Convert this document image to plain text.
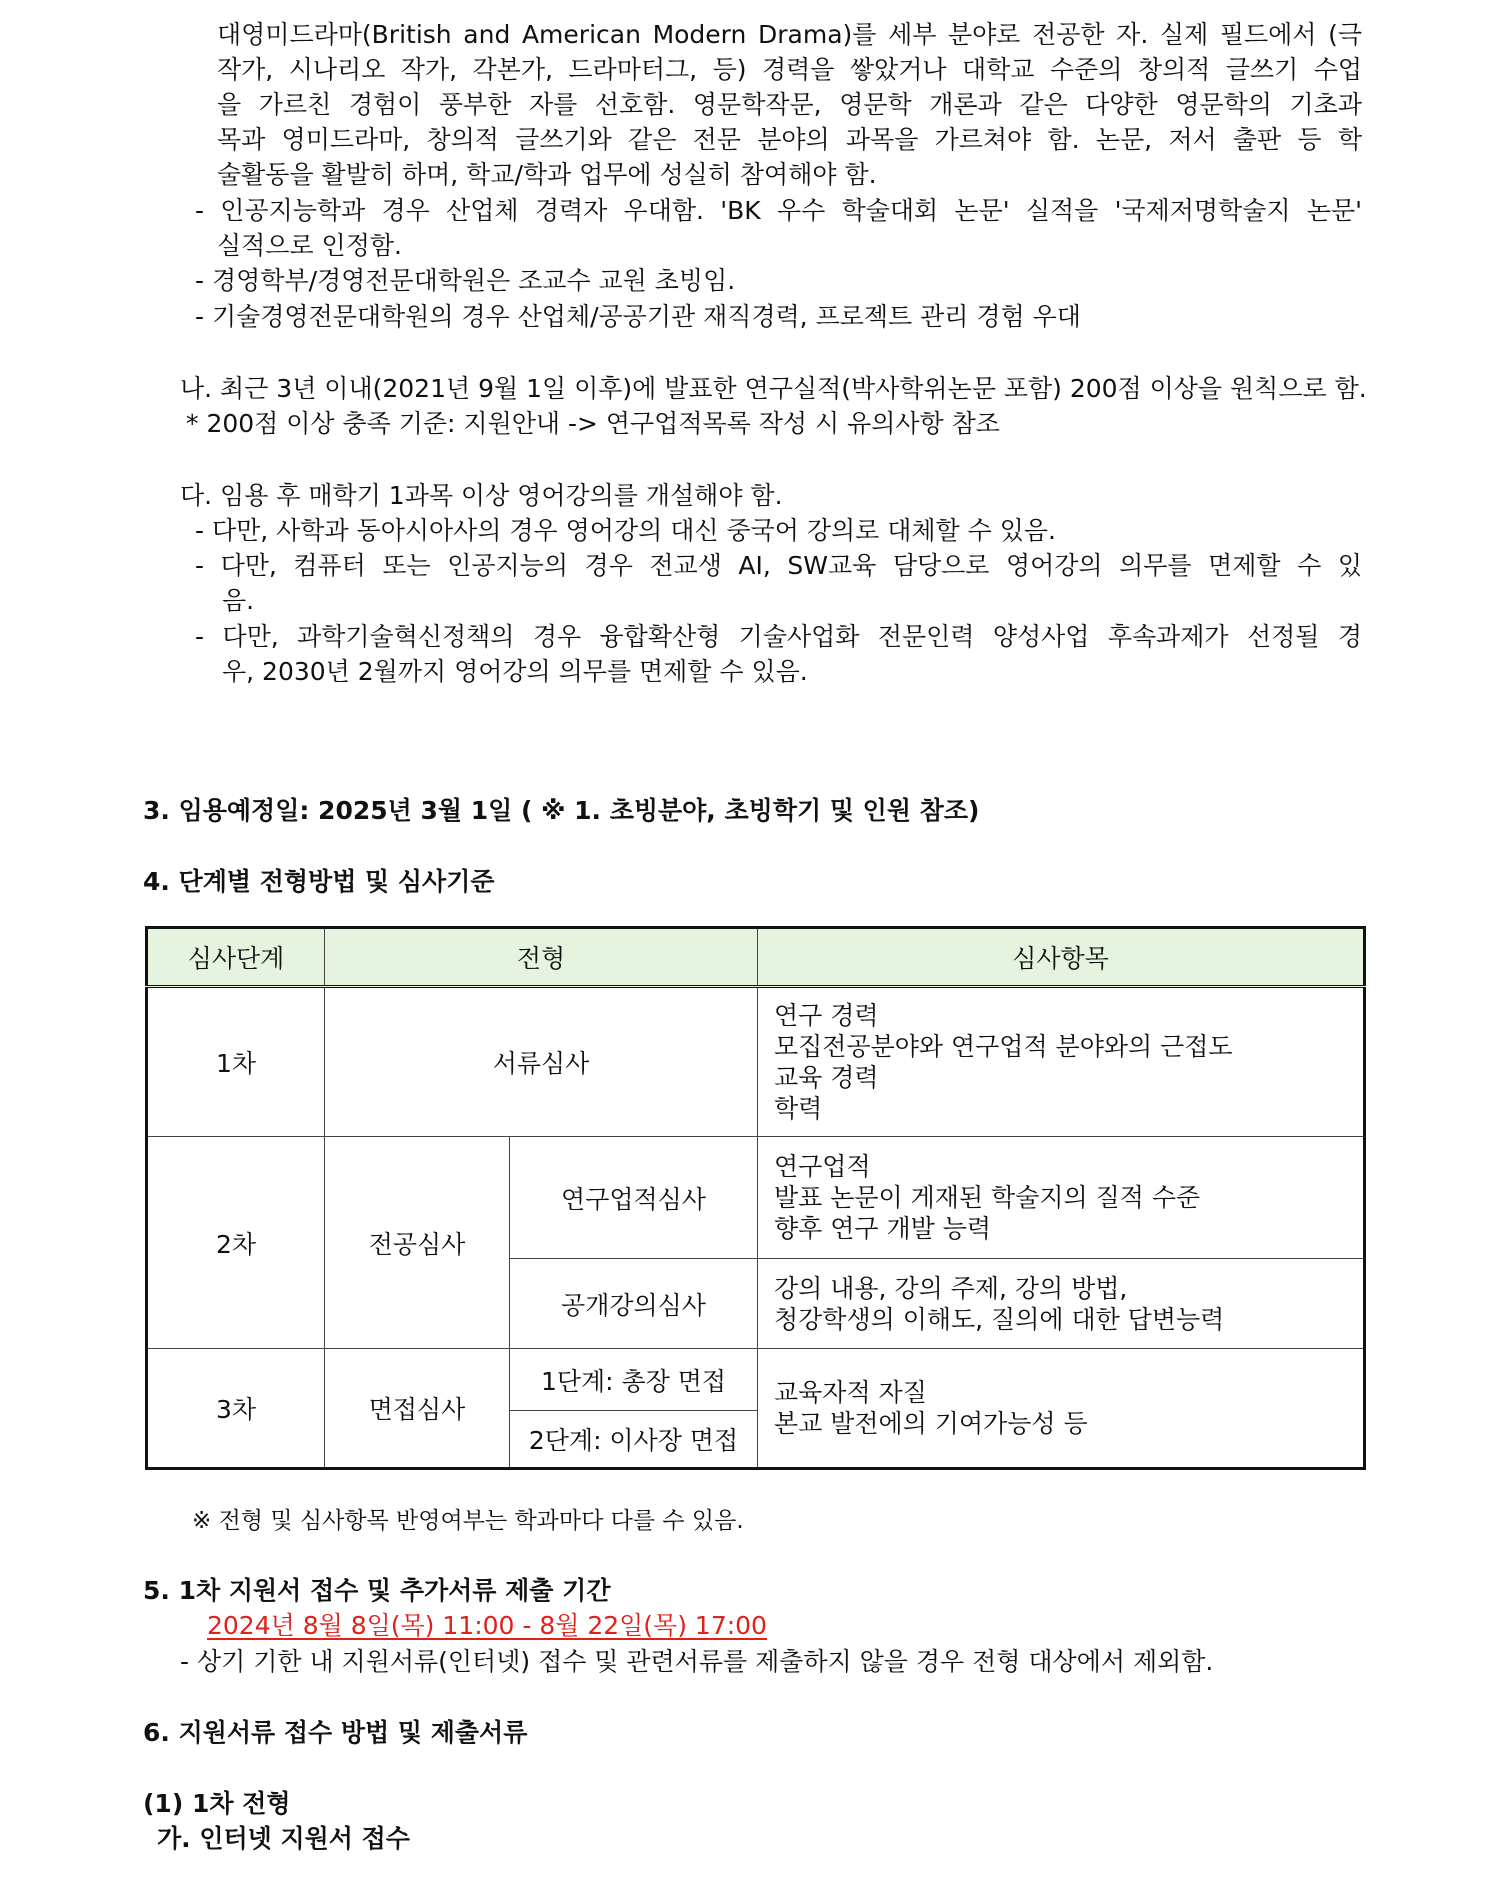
대영미드라마(British and American Modern Drama)를 세부 분야로 전공한 자. 실제 필드에서 (극
작가, 시나리오 작가, 각본가, 드라마터그, 등) 경력을 쌓았거나 대학교 수준의 창의적 글쓰기 수업
을 가르친 경험이 풍부한 자를 선호함. 영문학작문, 영문학 개론과 같은 다양한 영문학의 기초과
목과 영미드라마, 창의적 글쓰기와 같은 전문 분야의 과목을 가르쳐야 함. 논문, 저서 출판 등 학
술활동을 활발히 하며, 학교/학과 업무에 성실히 참여해야 함.
- 인공지능학과 경우 산업체 경력자 우대함. 'BK 우수 학술대회 논문' 실적을 '국제저명학술지 논문'
실적으로 인정함.
- 경영학부/경영전문대학원은 조교수 교원 초빙임.
- 기술경영전문대학원의 경우 산업체/공공기관 재직경력, 프로젝트 관리 경험 우대
나. 최근 3년 이내(2021년 9월 1일 이후)에 발표한 연구실적(박사학위논문 포함) 200점 이상을 원칙으로 함.
* 200점 이상 충족 기준: 지원안내 -> 연구업적목록 작성 시 유의사항 참조
다. 임용 후 매학기 1과목 이상 영어강의를 개설해야 함.
- 다만, 사학과 동아시아사의 경우 영어강의 대신 중국어 강의로 대체할 수 있음.
- 다만, 컴퓨터 또는 인공지능의 경우 전교생 AI, SW교육 담당으로 영어강의 의무를 면제할 수 있
음.
- 다만, 과학기술혁신정책의 경우 융합확산형 기술사업화 전문인력 양성사업 후속과제가 선정될 경
우, 2030년 2월까지 영어강의 의무를 면제할 수 있음.
3. 임용예정일: 2025년 3월 1일 ( ※ 1. 초빙분야, 초빙학기 및 인원 참조)
4. 단계별 전형방법 및 심사기준
심사단계	전형		심사항목
1차	서류심사		연구 경력
모집전공분야와 연구업적 분야와의 근접도
교육 경력
학력

2차	전공심사	연구업적심사	연구업적
발표 논문이 게재된 학술지의 질적 수준
향후 연구 개발 능력

		공개강의심사	강의 내용, 강의 주제, 강의 방법,
청강학생의 이해도, 질의에 대한 답변능력

3차	면접심사	1단계: 총장 면접	교육자적 자질
본교 발전에의 기여가능성 등

		2단계: 이사장 면접	
※ 전형 및 심사항목 반영여부는 학과마다 다를 수 있음.
5. 1차 지원서 접수 및 추가서류 제출 기간
2024년 8월 8일(목) 11:00 - 8월 22일(목) 17:00
- 상기 기한 내 지원서류(인터넷) 접수 및 관련서류를 제출하지 않을 경우 전형 대상에서 제외함.
6. 지원서류 접수 방법 및 제출서류
(1) 1차 전형
가. 인터넷 지원서 접수
